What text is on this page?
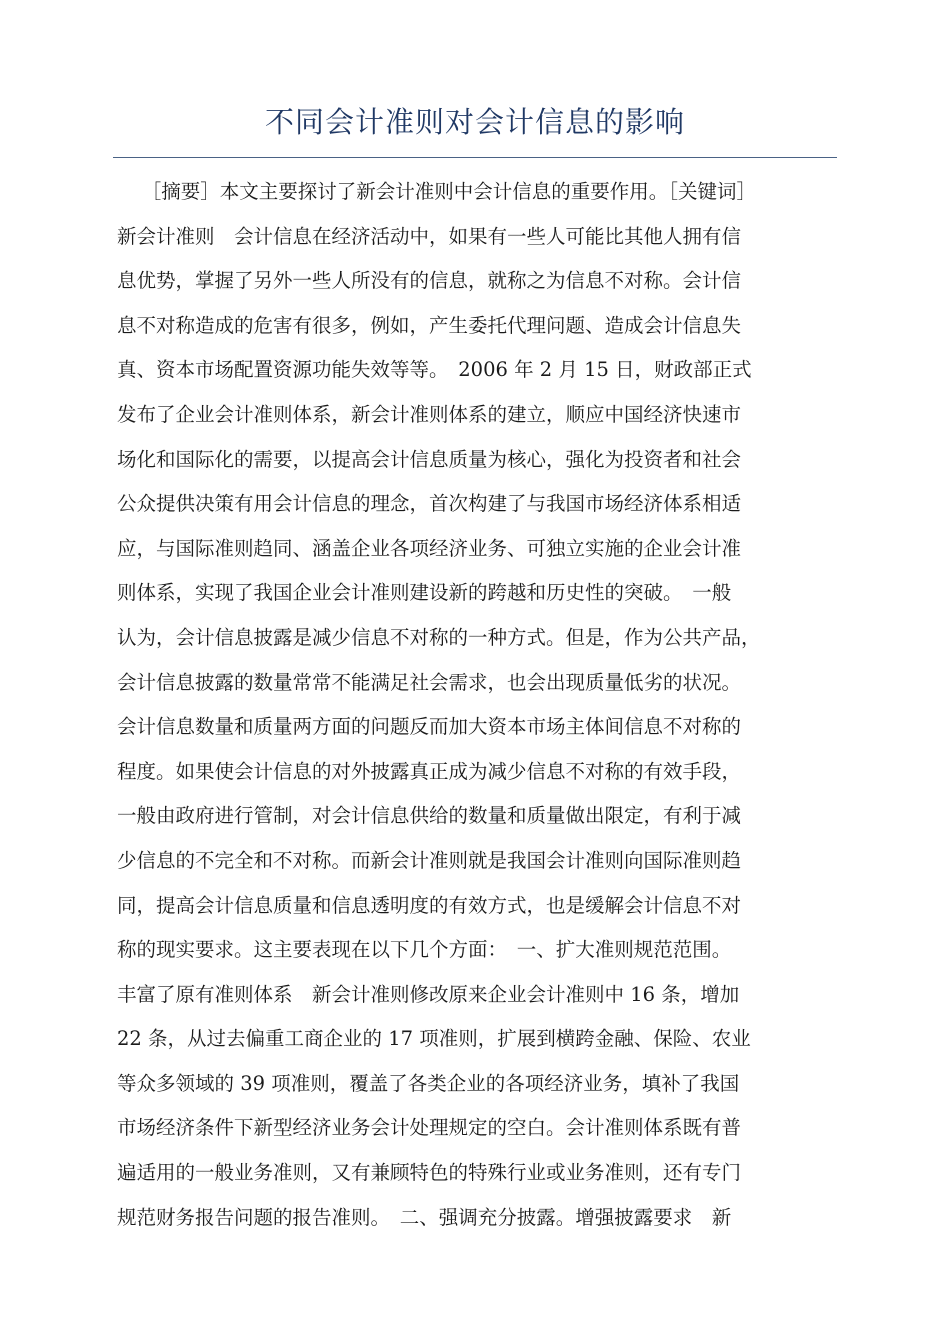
不同会计准则对会计信息的影响
［摘要］本文主要探讨了新会计准则中会计信息的重要作用。［关键词］
新会计准则　会计信息在经济活动中，如果有一些人可能比其他人拥有信
息优势，掌握了另外一些人所没有的信息，就称之为信息不对称。会计信
息不对称造成的危害有很多，例如，产生委托代理问题、造成会计信息失
真、资本市场配置资源功能失效等等。　2006 年 2 月 15 日，财政部正式
发布了企业会计准则体系，新会计准则体系的建立，顺应中国经济快速市
场化和国际化的需要，以提高会计信息质量为核心，强化为投资者和社会
公众提供决策有用会计信息的理念，首次构建了与我国市场经济体系相适
应，与国际准则趋同、涵盖企业各项经济业务、可独立实施的企业会计准
则体系，实现了我国企业会计准则建设新的跨越和历史性的突破。　一般
认为，会计信息披露是减少信息不对称的一种方式。但是，作为公共产品，
会计信息披露的数量常常不能满足社会需求，也会出现质量低劣的状况。
会计信息数量和质量两方面的问题反而加大资本市场主体间信息不对称的
程度。如果使会计信息的对外披露真正成为减少信息不对称的有效手段，
一般由政府进行管制，对会计信息供给的数量和质量做出限定，有利于减
少信息的不完全和不对称。而新会计准则就是我国会计准则向国际准则趋
同，提高会计信息质量和信息透明度的有效方式，也是缓解会计信息不对
称的现实要求。这主要表现在以下几个方面：　一、扩大准则规范范围。
丰富了原有准则体系　新会计准则修改原来企业会计准则中 16 条，增加
22 条，从过去偏重工商企业的 17 项准则，扩展到横跨金融、保险、农业
等众多领域的 39 项准则，覆盖了各类企业的各项经济业务，填补了我国
市场经济条件下新型经济业务会计处理规定的空白。会计准则体系既有普
遍适用的一般业务准则，又有兼顾特色的特殊行业或业务准则，还有专门
规范财务报告问题的报告准则。　二、强调充分披露。增强披露要求　新
